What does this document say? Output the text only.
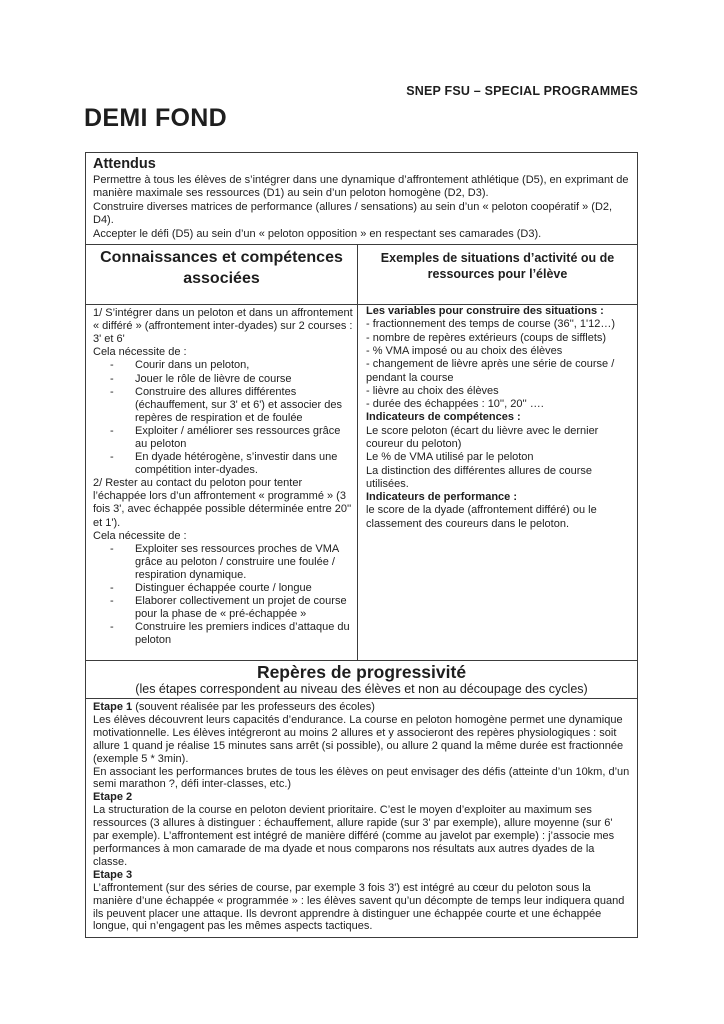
SNEP FSU – SPECIAL PROGRAMMES
DEMI FOND
Attendus

Permettre à tous les élèves de s’intégrer dans une dynamique d’affrontement athlétique (D5), en exprimant de manière maximale ses ressources (D1) au sein d’un peloton homogène (D2, D3).

Construire diverses matrices de performance (allures / sensations) au sein d’un « peloton coopératif » (D2, D4).

Accepter le défi (D5) au sein d’un « peloton opposition » en respectant ses camarades (D3).

Connaissances et compétences associées
Exemples de situations d’activité ou de ressources pour l’élève

1/ S’intégrer dans un peloton et dans un affrontement « différé » (affrontement inter-dyades) sur 2 courses : 3' et 6'

Cela nécessite de :

-	Courir dans un peloton,
-	Jouer le rôle de lièvre de course
-	Construire des allures différentes (échauffement, sur 3' et 6') et associer des repères de respiration et de foulée
-	Exploiter / améliorer ses ressources grâce au peloton
-	En dyade hétérogène, s’investir dans une compétition inter-dyades.

2/ Rester au contact du peloton pour tenter l’échappée lors d’un affrontement « programmé » (3 fois 3', avec échappée possible déterminée entre 20'' et 1').

Cela nécessite de :

-	Exploiter ses ressources proches de VMA grâce au peloton / construire une foulée / respiration dynamique.
-	Distinguer échappée courte / longue
-	Elaborer collectivement un projet de course pour la phase de « pré-échappée »
-	Construire les premiers indices d’attaque du peloton

Les variables pour construire des situations :

- fractionnement des temps de course (36'', 1'12…)

- nombre de repères extérieurs (coups de sifflets)

- % VMA imposé ou au choix des élèves

- changement de lièvre après une série de course / pendant la course

- lièvre au choix des élèves

- durée des échappées : 10'', 20'' ….

Indicateurs de compétences :

Le score peloton (écart du lièvre avec le dernier coureur du peloton)

Le % de VMA utilisé par le peloton

La distinction des différentes allures de course utilisées.

Indicateurs de performance :

le score de la dyade (affrontement différé) ou le classement des coureurs dans le peloton.

Repères de progressivité
(les étapes correspondent au niveau des élèves et non au découpage des cycles)
Etape 1 (souvent réalisée par les professeurs des écoles)

Les élèves découvrent leurs capacités d’endurance. La course en peloton homogène permet une dynamique motivationnelle. Les élèves intégreront au moins 2 allures et y associeront des repères physiologiques : soit allure 1 quand je réalise 15 minutes sans arrêt (si possible), ou allure 2 quand la même durée est fractionnée (exemple 5 * 3min).

En associant les performances brutes de tous les élèves on peut envisager des défis (atteinte d’un 10km, d’un semi marathon ?, défi inter-classes, etc.)

Etape 2

La structuration de la course en peloton devient prioritaire. C’est le moyen d’exploiter au maximum ses ressources (3 allures à distinguer : échauffement, allure rapide (sur 3' par exemple), allure moyenne (sur 6' par exemple). L’affrontement est intégré de manière différé (comme au javelot par exemple) : j’associe mes performances à mon camarade de ma dyade et nous comparons nos résultats aux autres dyades de la classe.

Etape 3

L’affrontement (sur des séries de course, par exemple 3 fois 3') est intégré au cœur du peloton sous la manière d’une échappée « programmée » : les élèves savent qu’un décompte de temps leur indiquera quand ils peuvent placer une attaque. Ils devront apprendre à distinguer une échappée courte et une échappée longue, qui n’engagent pas les mêmes aspects tactiques.
